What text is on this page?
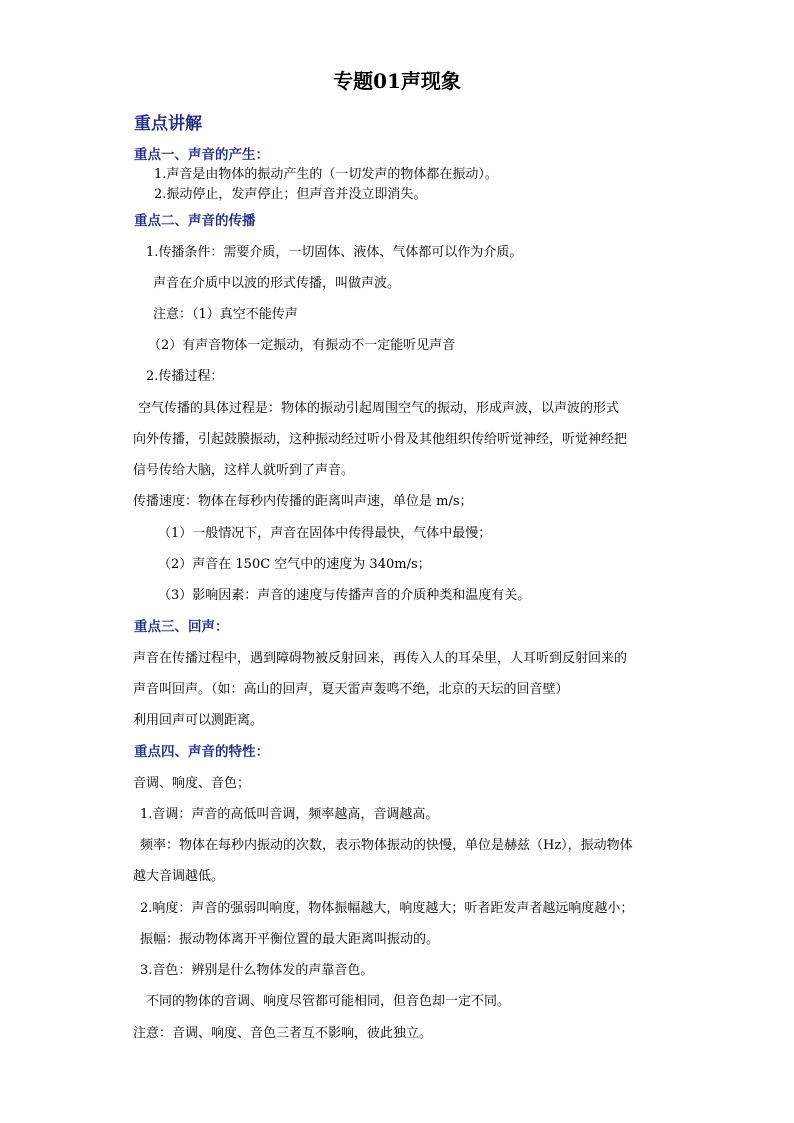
专题01声现象
重点讲解
重点一、声音的产生：
1.声音是由物体的振动产生的（一切发声的物体都在振动）。
2.振动停止，发声停止；但声音并没立即消失。
重点二、声音的传播
1.传播条件：需要介质，一切固体、液体、气体都可以作为介质。
声音在介质中以波的形式传播，叫做声波。
注意：（1）真空不能传声
（2）有声音物体一定振动，有振动不一定能听见声音
2.传播过程：
空气传播的具体过程是：物体的振动引起周围空气的振动，形成声波，以声波的形式
向外传播，引起鼓膜振动，这种振动经过听小骨及其他组织传给听觉神经，听觉神经把
信号传给大脑，这样人就听到了声音。
传播速度：物体在每秒内传播的距离叫声速，单位是 m/s；
（1）一般情况下，声音在固体中传得最快，气体中最慢；
（2）声音在 150C 空气中的速度为 340m/s；
（3）影响因素：声音的速度与传播声音的介质种类和温度有关。
重点三、回声：
声音在传播过程中，遇到障碍物被反射回来，再传入人的耳朵里，人耳听到反射回来的
声音叫回声。（如：高山的回声，夏天雷声轰鸣不绝，北京的天坛的回音壁）
利用回声可以测距离。
重点四、声音的特性：
音调、响度、音色；
1.音调：声音的高低叫音调，频率越高，音调越高。
频率：物体在每秒内振动的次数，表示物体振动的快慢，单位是赫兹（Hz），振动物体
越大音调越低。
2.响度：声音的强弱叫响度，物体振幅越大，响度越大；听者距发声者越远响度越小；
振幅：振动物体离开平衡位置的最大距离叫振动的。
3.音色：辨别是什么物体发的声靠音色。
不同的物体的音调、响度尽管都可能相同，但音色却一定不同。
注意：音调、响度、音色三者互不影响，彼此独立。
